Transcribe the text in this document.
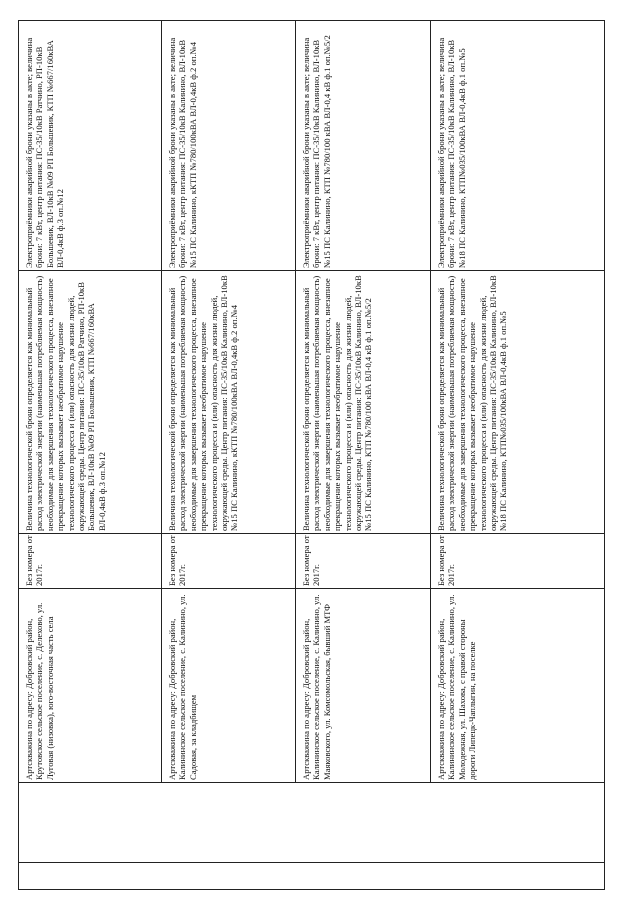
Артскважина по адресу: Добровский район, Крутовское сельское поселение, с. Делехово, ул. Луговая (низовка), юго-восточная часть села
Без номера от 2017г.
Величина технологической брони определяется как минимальный расход электрической энергии (наименьшая потребляемая мощность) необходимые для завершения технологического процесса, внезапное прекращение которых вызывает необратимое нарушение технологического процесса и (или) опасность для жизни людей, окружающей среды. Центр питания: ПС-35/10кВ Ратчино, РП-10кВ Большевик, ВЛ-10кВ №09 РП Большевик, КТП №667/160кВА ВЛ-0,4кВ ф.3 оп.№12
Электроприёмники аварийной брони указаны в акте; величина брони: 7 кВт, центр питания: ПС-35/10кВ Ратчино, РП-10кВ Большевик, ВЛ-10кВ №09 РП Большевик, КТП №667/160кВА ВЛ-0,4кВ ф.3 оп.№12
Артскважина по адресу: Добровский район, Калининское сельское поселение, с. Калинино, ул. Садовая, за кладбищем
Без номера от 2017г.
Величина технологической брони определяется как минимальный расход электрической энергии (наименьшая потребляемая мощность) необходимые для завершения технологического процесса, внезапное прекращение которых вызывает необратимое нарушение технологического процесса и (или) опасность для жизни людей, окружающей среды. Центр питания: ПС-35/10кВ Калинино, ВЛ-10кВ №15 ПС Калинино, кКТП №780/100кВА ВЛ-0,4кВ ф.2 оп.№4
Электроприёмники аварийной брони указаны в акте; величина брони: 7 кВт, центр питания: ПС-35/10кВ Калинино, ВЛ-10кВ №15 ПС Калинино, кКТП №780/100кВА ВЛ-0,4кВ ф.2 оп.№4
Артскважина по адресу: Добровский район, Калининское сельское поселение, с. Калинино, ул. Маяковского, ул. Комсомольская, бывший МТФ
Без номера от 2017г.
Величина технологической брони определяется как минимальный расход электрической энергии (наименьшая потребляемая мощность) необходимые для завершения технологического процесса, внезапное прекращение которых вызывает необратимое нарушение технологического процесса и (или) опасность для жизни людей, окружающей среды. Центр питания: ПС-35/10кВ Калинино, ВЛ-10кВ №15 ПС Калинино, КТП №780/100 кВА ВЛ-0,4 кВ ф.1 оп.№5/2
Электроприёмники аварийной брони указаны в акте; величина брони: 7 кВт, центр питания: ПС-35/10кВ Калинино, ВЛ-10кВ №15 ПС Калинино, КТП №780/100 кВА ВЛ-0,4 кВ ф.1 оп.№5/2
Артскважина по адресу: Добровский район, Калининское сельское поселение, с. Калинино, ул. Молодежная, ул. Шахова, с правой стороны дороги Липецк-Чаплыгин, на поселке
Без номера от 2017г.
Величина технологической брони определяется как минимальный расход электрической энергии (наименьшая потребляемая мощность) необходимые для завершения технологического процесса, внезапное прекращение которых вызывает необратимое нарушение технологического процесса и (или) опасность для жизни людей, окружающей среды. Центр питания: ПС-35/10кВ Калинино, ВЛ-10кВ №18 ПС Калинино, КТП№035/100кВА ВЛ-0,4кВ ф.1 оп.№5
Электроприёмники аварийной брони указаны в акте; величина брони: 7 кВт, центр питания: ПС-35/10кВ Калинино, ВЛ-10кВ №18 ПС Калинино, КТП№035/100кВА ВЛ-0,4кВ ф.1 оп.№5
